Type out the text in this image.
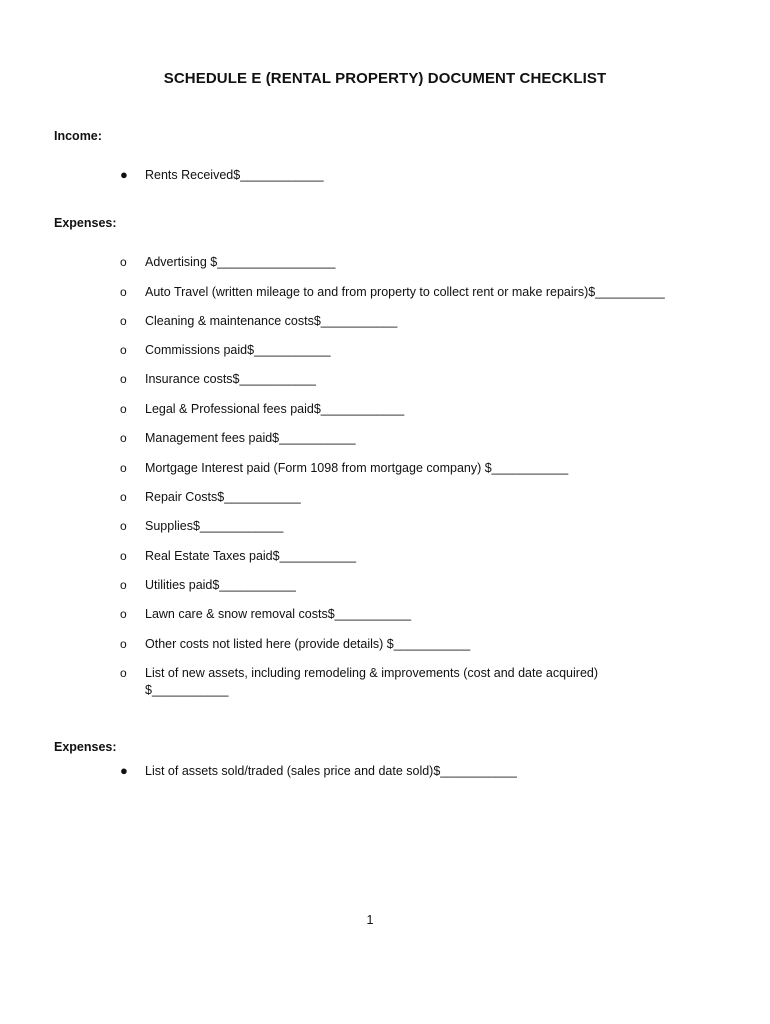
SCHEDULE E (RENTAL PROPERTY) DOCUMENT CHECKLIST
Income:
●	Rents Received$____________
Expenses:
o	Advertising $_________________
o	Auto Travel (written mileage to and from property to collect rent or make repairs)$__________
o	Cleaning & maintenance costs$___________
o	Commissions paid$___________
o	Insurance costs$___________
o	Legal & Professional fees paid$____________
o	Management fees paid$___________
o	Mortgage Interest paid (Form 1098 from mortgage company) $___________
o	Repair Costs$___________
o	Supplies$____________
o	Real Estate Taxes paid$___________
o	Utilities paid$___________
o	Lawn care & snow removal costs$___________
o	Other costs not listed here (provide details) $___________
o	List of new assets, including remodeling & improvements (cost and date acquired)
$___________
Expenses:
●	List of assets sold/traded (sales price and date sold)$___________
1
